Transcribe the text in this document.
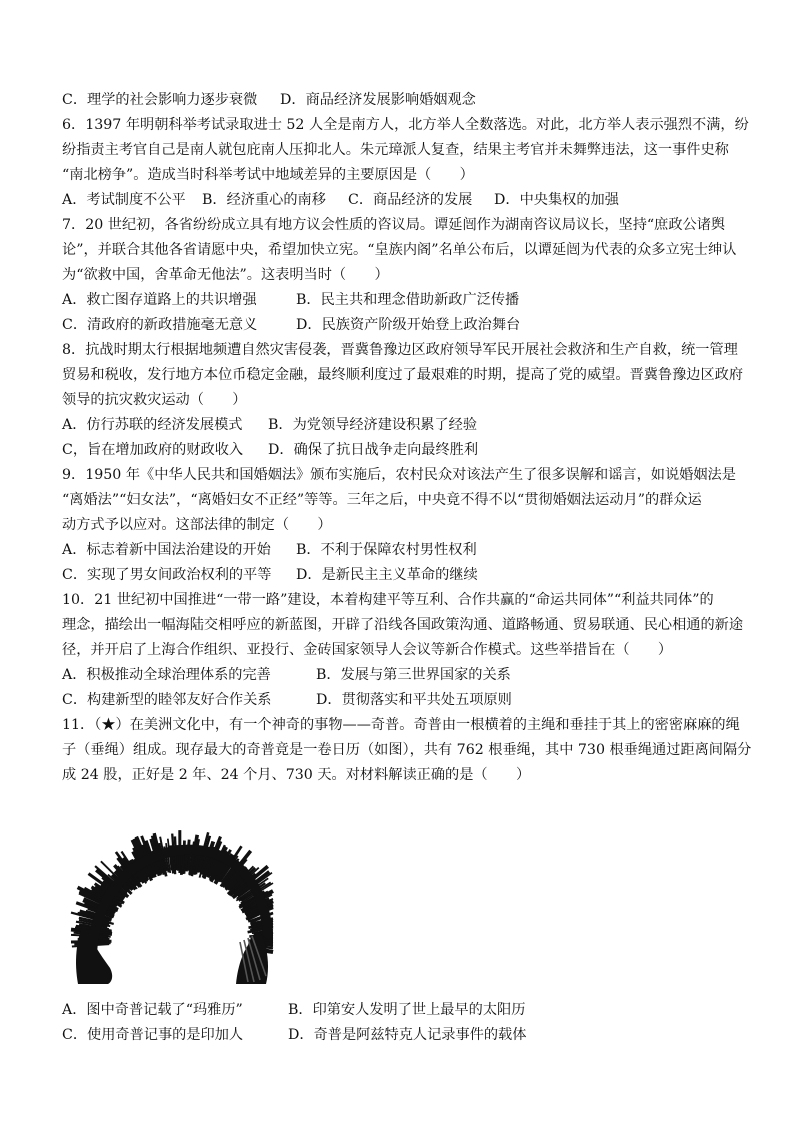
C．理学的社会影响力逐步衰微 D．商品经济发展影响婚姻观念
6．1397 年明朝科举考试录取进士 52 人全是南方人，北方举人全数落选。对此，北方举人表示强烈不满，纷
纷指责主考官自己是南人就包庇南人压抑北人。朱元璋派人复查，结果主考官并未舞弊违法，这一事件史称
“南北榜争”。造成当时科举考试中地域差异的主要原因是（　　）
A．考试制度不公平 B．经济重心的南移 C．商品经济的发展 D．中央集权的加强
7．20 世纪初，各省纷纷成立具有地方议会性质的咨议局。谭延闿作为湖南咨议局议长，坚持“庶政公诸舆
论”，并联合其他各省请愿中央，希望加快立宪。“皇族内阁”名单公布后，以谭延闿为代表的众多立宪士绅认
为“欲救中国，舍革命无他法”。这表明当时（　　）
A．救亡图存道路上的共识增强	B．民主共和理念借助新政广泛传播
C．清政府的新政措施毫无意义	D．民族资产阶级开始登上政治舞台
8．抗战时期太行根据地频遭自然灾害侵袭，晋冀鲁豫边区政府领导军民开展社会救济和生产自救，统一管理
贸易和税收，发行地方本位币稳定金融，最终顺利度过了最艰难的时期，提高了党的威望。晋冀鲁豫边区政府
领导的抗灾救灾运动（　　）
A．仿行苏联的经济发展模式 B．为党领导经济建设积累了经验
C，旨在增加政府的财政收入 D．确保了抗日战争走向最终胜利
9．1950 年《中华人民共和国婚姻法》颁布实施后，农村民众对该法产生了很多误解和谣言，如说婚姻法是
“离婚法”“妇女法”，“离婚妇女不正经”等等。三年之后，中央竟不得不以“贯彻婚姻法运动月”的群众运
动方式予以应对。这部法律的制定（　　）
A．标志着新中国法治建设的开始 B．不利于保障农村男性权利
C．实现了男女间政治权利的平等 D．是新民主主义革命的继续
10．21 世纪初中国推进“一带一路”建设，本着构建平等互利、合作共赢的“命运共同体”“利益共同体”的
理念，描绘出一幅海陆交相呼应的新蓝图，开辟了沿线各国政策沟通、道路畅通、贸易联通、民心相通的新途
径，并开启了上海合作组织、亚投行、金砖国家领导人会议等新合作模式。这些举措旨在（　　）
A．积极推动全球治理体系的完善	B．发展与第三世界国家的关系
C．构建新型的睦邻友好合作关系	D．贯彻落实和平共处五项原则
11．（★）在美洲文化中，有一个神奇的事物——奇普。奇普由一根横着的主绳和垂挂于其上的密密麻麻的绳
子（垂绳）组成。现存最大的奇普竟是一卷日历（如图），共有 762 根垂绳，其中 730 根垂绳通过距离间隔分
成 24 股，正好是 2 年、24 个月、730 天。对材料解读正确的是（　　）
A．图中奇普记载了“玛雅历”	B．印第安人发明了世上最早的太阳历
C．使用奇普记事的是印加人	D．奇普是阿兹特克人记录事件的载体
